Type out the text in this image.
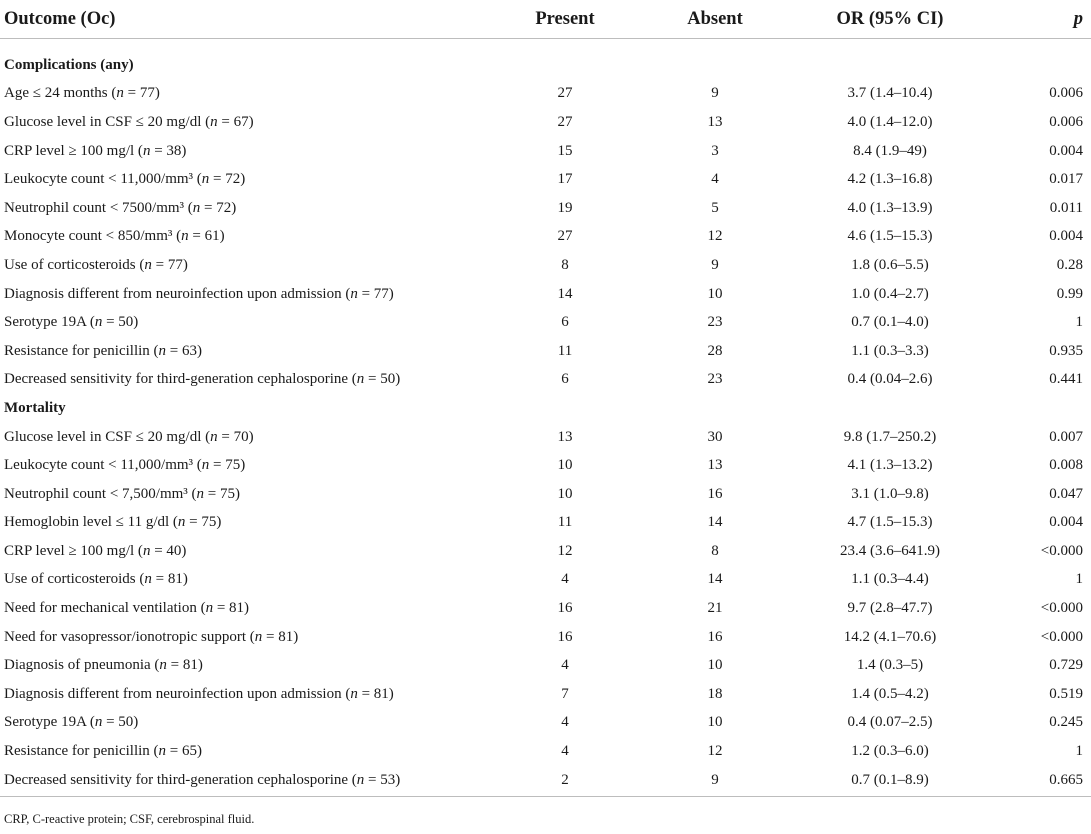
Outcome (Oc)	Present	Absent	OR (95% CI)	p

Complications (any)				
Age ≤ 24 months (n = 77)	27	9	3.7 (1.4–10.4)	0.006
Glucose level in CSF ≤ 20 mg/dl (n = 67)	27	13	4.0 (1.4–12.0)	0.006
CRP level ≥ 100 mg/l (n = 38)	15	3	8.4 (1.9–49)	0.004
Leukocyte count < 11,000/mm³ (n = 72)	17	4	4.2 (1.3–16.8)	0.017
Neutrophil count < 7500/mm³ (n = 72)	19	5	4.0 (1.3–13.9)	0.011
Monocyte count < 850/mm³ (n = 61)	27	12	4.6 (1.5–15.3)	0.004
Use of corticosteroids (n = 77)	8	9	1.8 (0.6–5.5)	0.28
Diagnosis different from neuroinfection upon admission (n = 77)	14	10	1.0 (0.4–2.7)	0.99
Serotype 19A (n = 50)	6	23	0.7 (0.1–4.0)	1
Resistance for penicillin (n = 63)	11	28	1.1 (0.3–3.3)	0.935
Decreased sensitivity for third-generation cephalosporine (n = 50)	6	23	0.4 (0.04–2.6)	0.441
Mortality				
Glucose level in CSF ≤ 20 mg/dl (n = 70)	13	30	9.8 (1.7–250.2)	0.007
Leukocyte count < 11,000/mm³ (n = 75)	10	13	4.1 (1.3–13.2)	0.008
Neutrophil count < 7,500/mm³ (n = 75)	10	16	3.1 (1.0–9.8)	0.047
Hemoglobin level ≤ 11 g/dl (n = 75)	11	14	4.7 (1.5–15.3)	0.004
CRP level ≥ 100 mg/l (n = 40)	12	8	23.4 (3.6–641.9)	<0.000
Use of corticosteroids (n = 81)	4	14	1.1 (0.3–4.4)	1
Need for mechanical ventilation (n = 81)	16	21	9.7 (2.8–47.7)	<0.000
Need for vasopressor/ionotropic support (n = 81)	16	16	14.2 (4.1–70.6)	<0.000
Diagnosis of pneumonia (n = 81)	4	10	1.4 (0.3–5)	0.729
Diagnosis different from neuroinfection upon admission (n = 81)	7	18	1.4 (0.5–4.2)	0.519
Serotype 19A (n = 50)	4	10	0.4 (0.07–2.5)	0.245
Resistance for penicillin (n = 65)	4	12	1.2 (0.3–6.0)	1
Decreased sensitivity for third-generation cephalosporine (n = 53)	2	9	0.7 (0.1–8.9)	0.665
CRP, C-reactive protein; CSF, cerebrospinal fluid.
